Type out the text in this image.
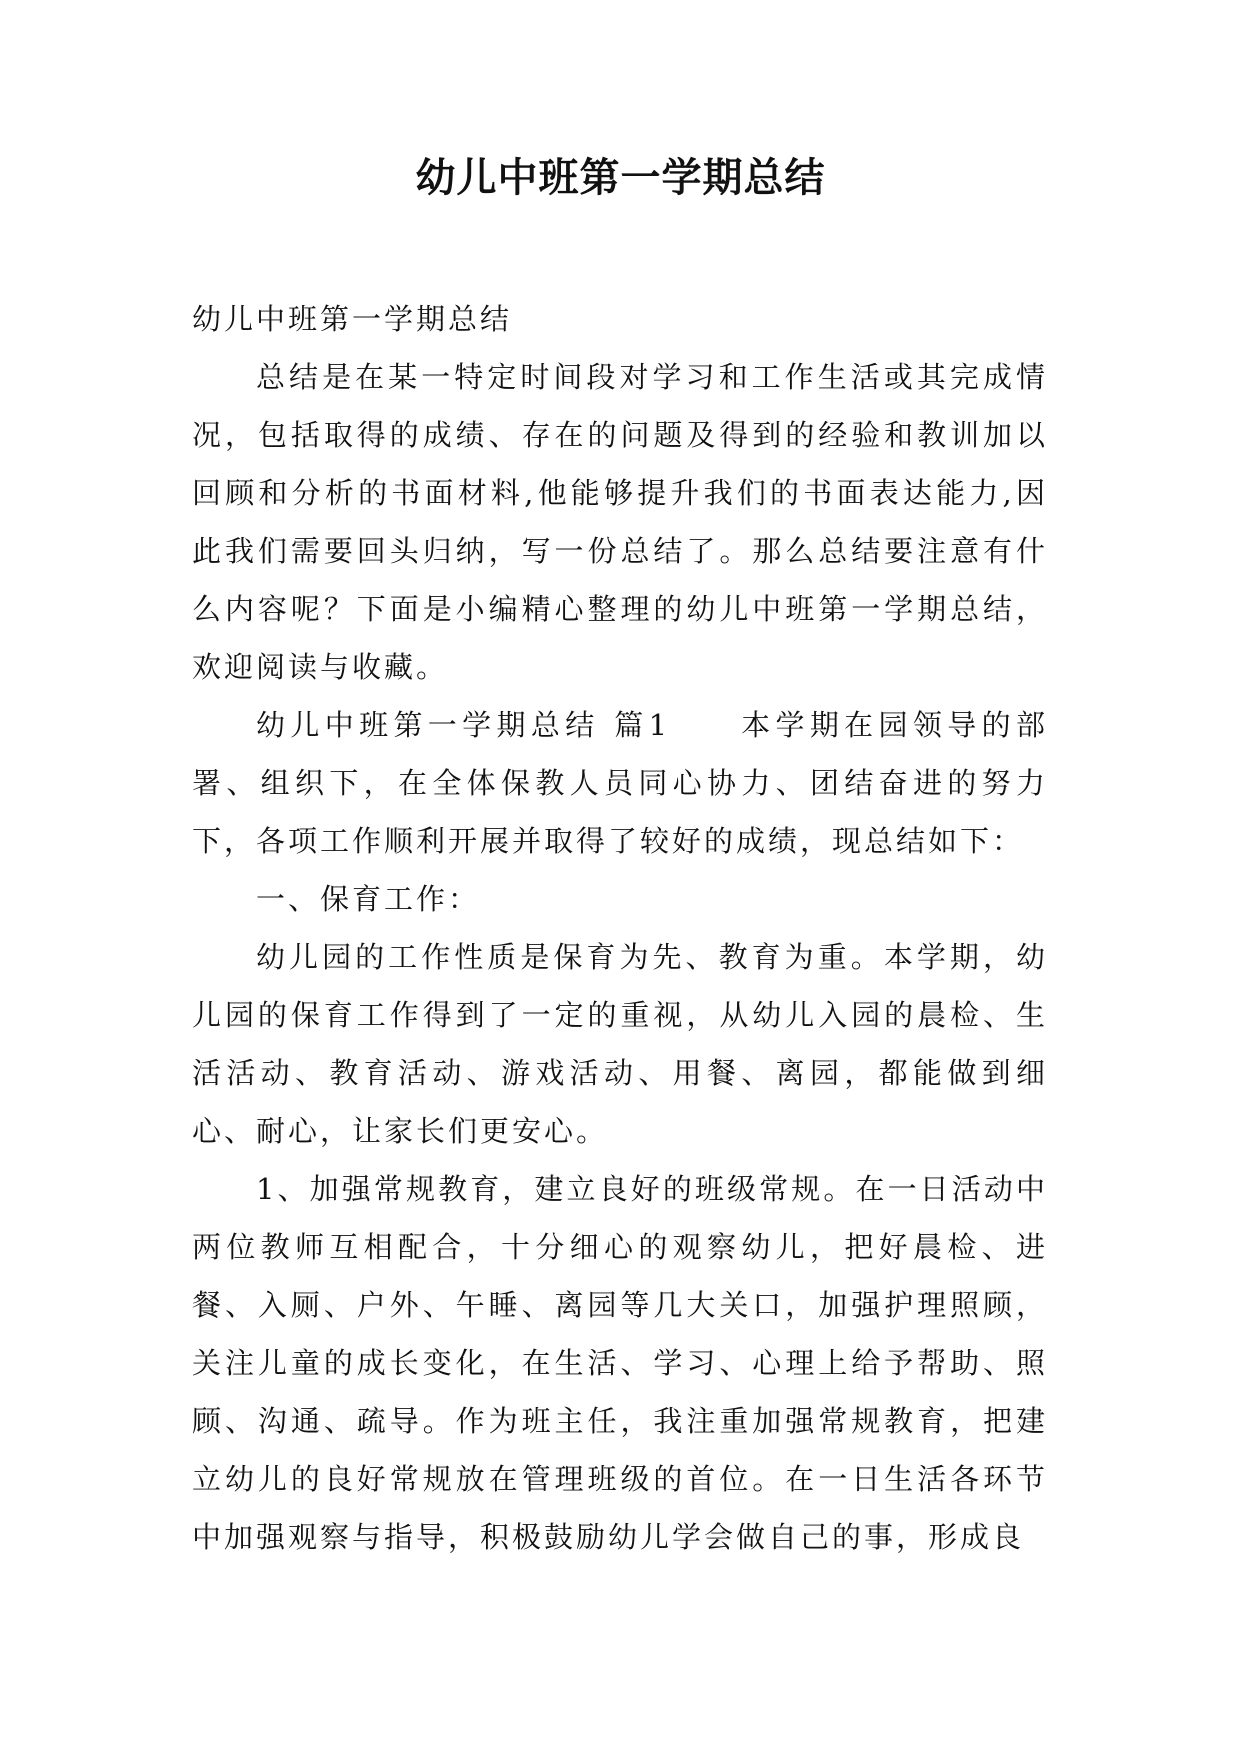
幼儿中班第一学期总结

幼儿中班第一学期总结

总结是在某一特定时间段对学习和工作生活或其完成情况，包括取得的成绩、存在的问题及得到的经验和教训加以回顾和分析的书面材料,他能够提升我们的书面表达能力,因此我们需要回头归纳，写一份总结了。那么总结要注意有什么内容呢？下面是小编精心整理的幼儿中班第一学期总结，欢迎阅读与收藏。

幼儿中班第一学期总结 篇1　　本学期在园领导的部署、组织下，在全体保教人员同心协力、团结奋进的努力下，各项工作顺利开展并取得了较好的成绩，现总结如下：

一、保育工作：

幼儿园的工作性质是保育为先、教育为重。本学期，幼儿园的保育工作得到了一定的重视，从幼儿入园的晨检、生活活动、教育活动、游戏活动、用餐、离园，都能做到细心、耐心，让家长们更安心。

1、加强常规教育，建立良好的班级常规。在一日活动中两位教师互相配合，十分细心的观察幼儿，把好晨检、进餐、入厕、户外、午睡、离园等几大关口，加强护理照顾，关注儿童的成长变化，在生活、学习、心理上给予帮助、照顾、沟通、疏导。作为班主任，我注重加强常规教育，把建立幼儿的良好常规放在管理班级的首位。在一日生活各环节中加强观察与指导，积极鼓励幼儿学会做自己的事，形成良
